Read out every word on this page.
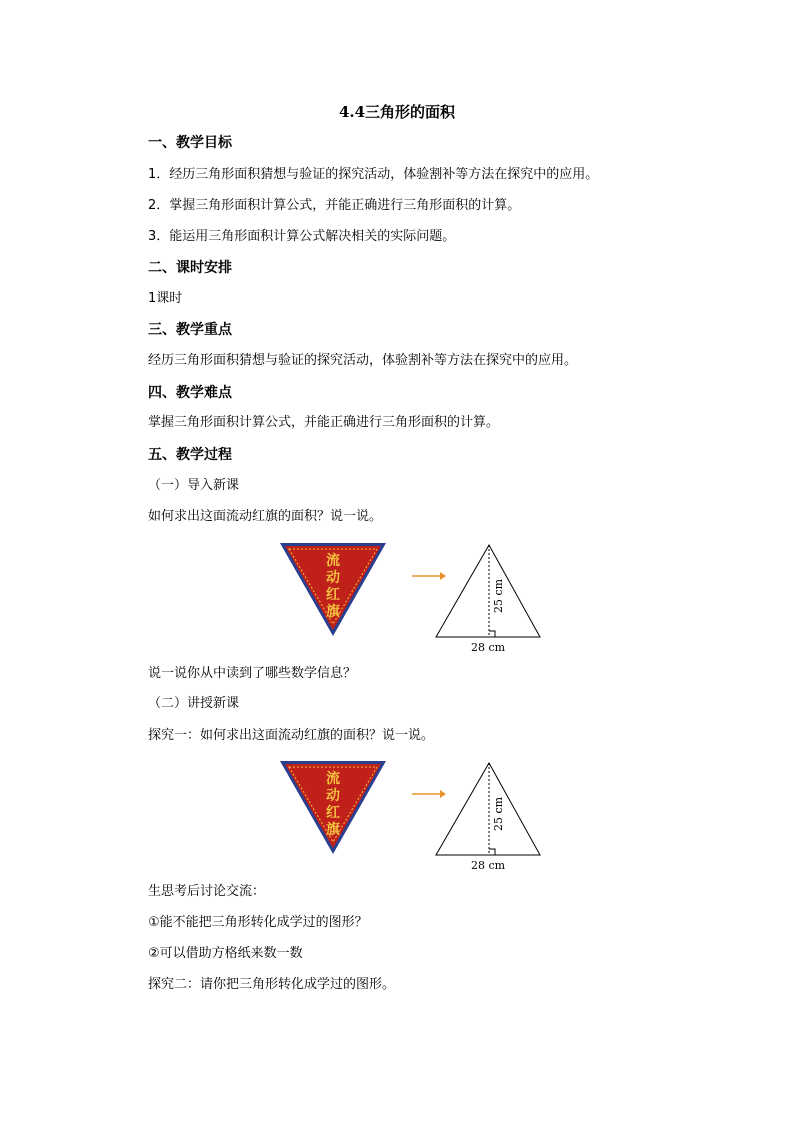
4.4三角形的面积
一、教学目标
1．经历三角形面积猜想与验证的探究活动，体验割补等方法在探究中的应用。
2．掌握三角形面积计算公式，并能正确进行三角形面积的计算。
3．能运用三角形面积计算公式解决相关的实际问题。
二、课时安排
1课时
三、教学重点
经历三角形面积猜想与验证的探究活动，体验割补等方法在探究中的应用。
四、教学难点
掌握三角形面积计算公式，并能正确进行三角形面积的计算。
五、教学过程
（一）导入新课
如何求出这面流动红旗的面积？说一说。
流
动
红
旗	25 cm
28 cm
说一说你从中读到了哪些数学信息？
（二）讲授新课
探究一：如何求出这面流动红旗的面积？说一说。
流
动
红
旗	25 cm
28 cm
生思考后讨论交流：
①能不能把三角形转化成学过的图形？
②可以借助方格纸来数一数
探究二：请你把三角形转化成学过的图形。
